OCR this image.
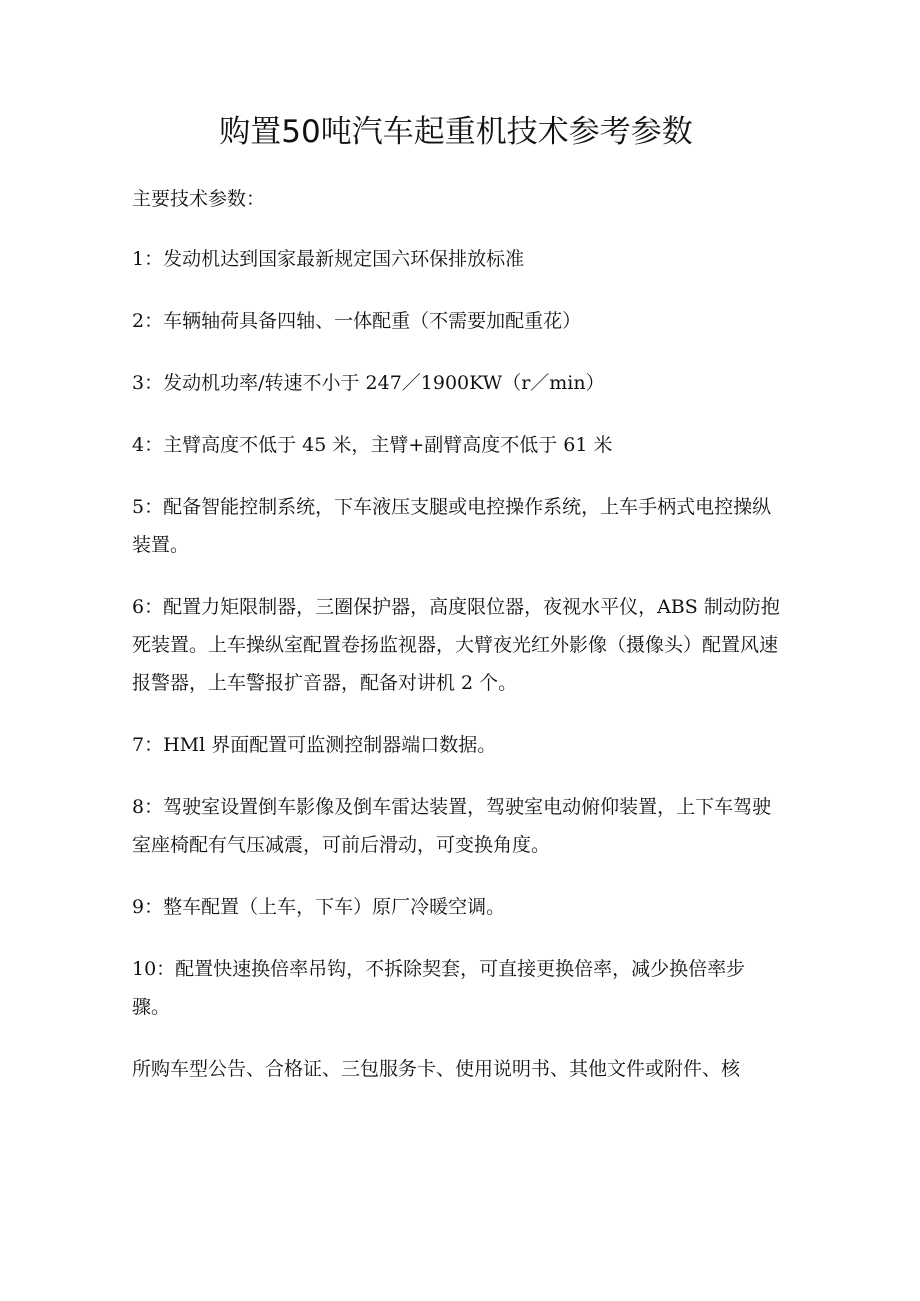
购置50吨汽车起重机技术参考参数

主要技术参数：

1：发动机达到国家最新规定国六环保排放标准

2：车辆轴荷具备四轴、一体配重（不需要加配重花）

3：发动机功率/转速不小于 247／1900KW（r／min）

4：主臂高度不低于 45 米，主臂+副臂高度不低于 61 米

5：配备智能控制系统，下车液压支腿或电控操作系统，上车手柄式电控操纵装置。

6：配置力矩限制器，三圈保护器，高度限位器，夜视水平仪，ABS 制动防抱死装置。上车操纵室配置卷扬监视器，大臂夜光红外影像（摄像头）配置风速报警器，上车警报扩音器，配备对讲机 2 个。

7：HMl 界面配置可监测控制器端口数据。

8：驾驶室设置倒车影像及倒车雷达装置，驾驶室电动俯仰装置，上下车驾驶室座椅配有气压减震，可前后滑动，可变换角度。

9：整车配置（上车，下车）原厂冷暖空调。

10：配置快速换倍率吊钩，不拆除契套，可直接更换倍率，减少换倍率步骤。

所购车型公告、合格证、三包服务卡、使用说明书、其他文件或附件、核
